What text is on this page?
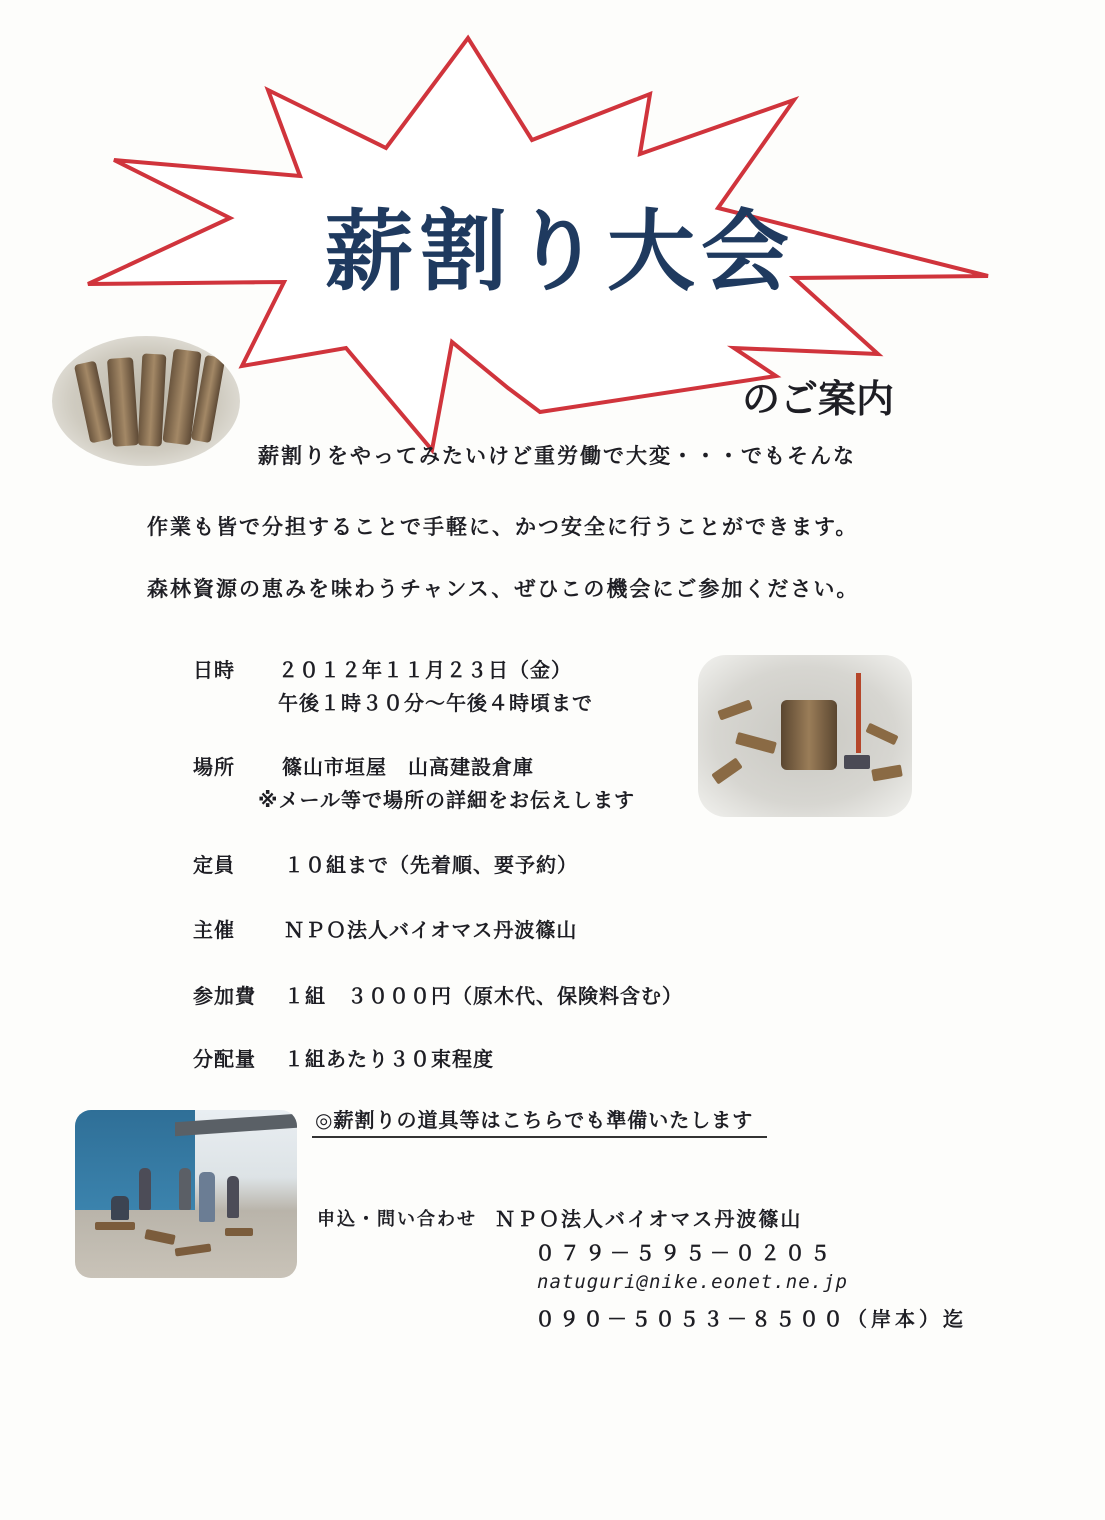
薪割り大会
のご案内
薪割りをやってみたいけど重労働で大変・・・でもそんな
作業も皆で分担することで手軽に、かつ安全に行うことができます。
森林資源の恵みを味わうチャンス、ぜひこの機会にご参加ください。
日時 ２０１２年１１月２３日（金）
午後１時３０分～午後４時頃まで
場所 篠山市垣屋　山高建設倉庫
※メール等で場所の詳細をお伝えします
定員 １０組まで（先着順、要予約）
主催 ＮＰＯ法人バイオマス丹波篠山
参加費 １組　３０００円（原木代、保険料含む）
分配量 １組あたり３０束程度
◎薪割りの道具等はこちらでも準備いたします
申込・問い合わせ ＮＰＯ法人バイオマス丹波篠山
０７９－５９５－０２０５
natuguri@nike.eonet.ne.jp
０９０－５０５３－８５００（岸本）迄
